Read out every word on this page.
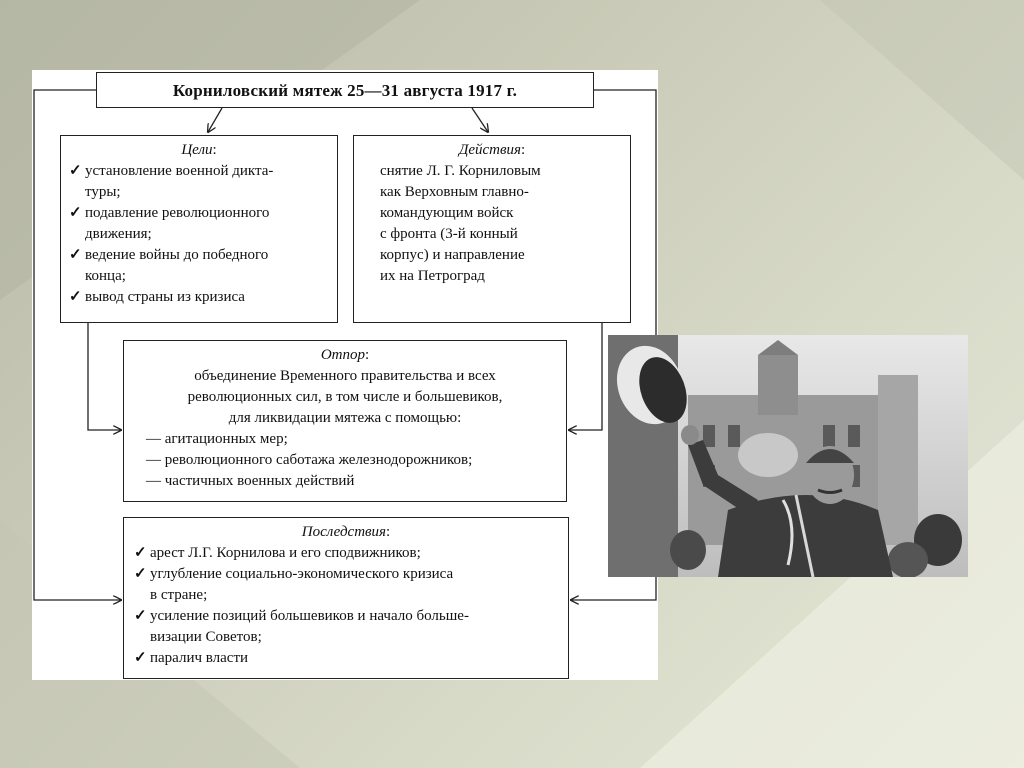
Корниловский мятеж 25—31 августа 1917 г.
Цели:
✓ установление военной дикта-
туры;
✓ подавление революционного
движения;
✓ ведение войны до победного
конца;
✓ вывод страны из кризиса
Действия:
снятие Л. Г. Корниловым
как Верховным главно-
командующим войск
с фронта (3-й конный
корпус) и направление
их на Петроград
Отпор:
объединение Временного правительства и всех
революционных сил, в том числе и большевиков,
для ликвидации мятежа с помощью:
— агитационных мер;
— революционного саботажа железнодорожников;
— частичных военных действий
Последствия:
✓ арест Л.Г. Корнилова и его сподвижников;
✓ углубление социально-экономического кризиса
в стране;
✓ усиление позиций большевиков и начало больше-
визации Советов;
✓ паралич власти
